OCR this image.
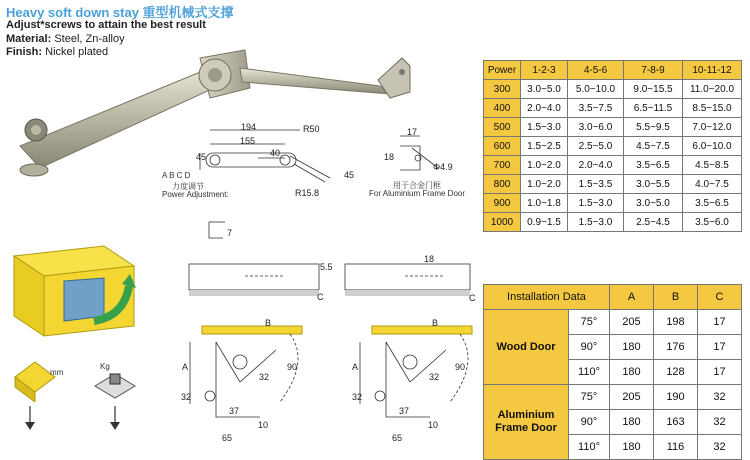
Heavy soft down stay 重型机械式支撑
Adjust*screws to attain the best result
Material: Steel, Zn-alloy
Finish: Nickel plated
194
155
40
45
R50
R15.8
45
A B C D
力度调节
Power Adjustment:
17
18
Φ4.9
用于合金门框
For Aluminium Frame Door
7
5.5
18
C	C
mm
Kg
B
A
32
90
32
37
10
65
B
A
32
90
32
37
10
65
Power	1-2-3	4-5-6	7-8-9	10-11-12
300	3.0~5.0	5.0~10.0	9.0~15.5	11.0~20.0
400	2.0~4.0	3.5~7.5	6.5~11.5	8.5~15.0
500	1.5~3.0	3.0~6.0	5.5~9.5	7.0~12.0
600	1.5~2.5	2.5~5.0	4.5~7.5	6.0~10.0
700	1.0~2.0	2.0~4.0	3.5~6.5	4.5~8.5
800	1.0~2.0	1.5~3.5	3.0~5.5	4.0~7.5
900	1.0~1.8	1.5~3.0	3.0~5.0	3.5~6.5
1000	0.9~1.5	1.5~3.0	2.5~4.5	3.5~6.0
Installation Data		A	B	C
Wood Door	75°	205	198	17
	90°	180	176	17
	110°	180	128	17
Aluminium
Frame Door	75°	205	190	32
	90°	180	163	32
	110°	180	116	32
